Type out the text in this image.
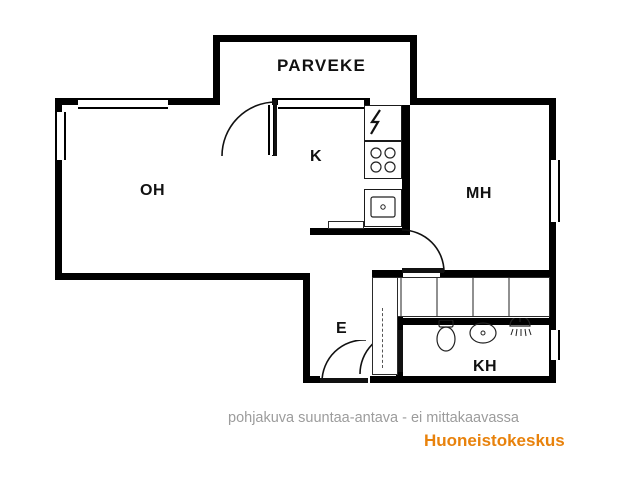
PARVEKE
OH
K
MH
E
KH
pohjakuva suuntaa-antava - ei mittakaavassa
Huoneistokeskus
